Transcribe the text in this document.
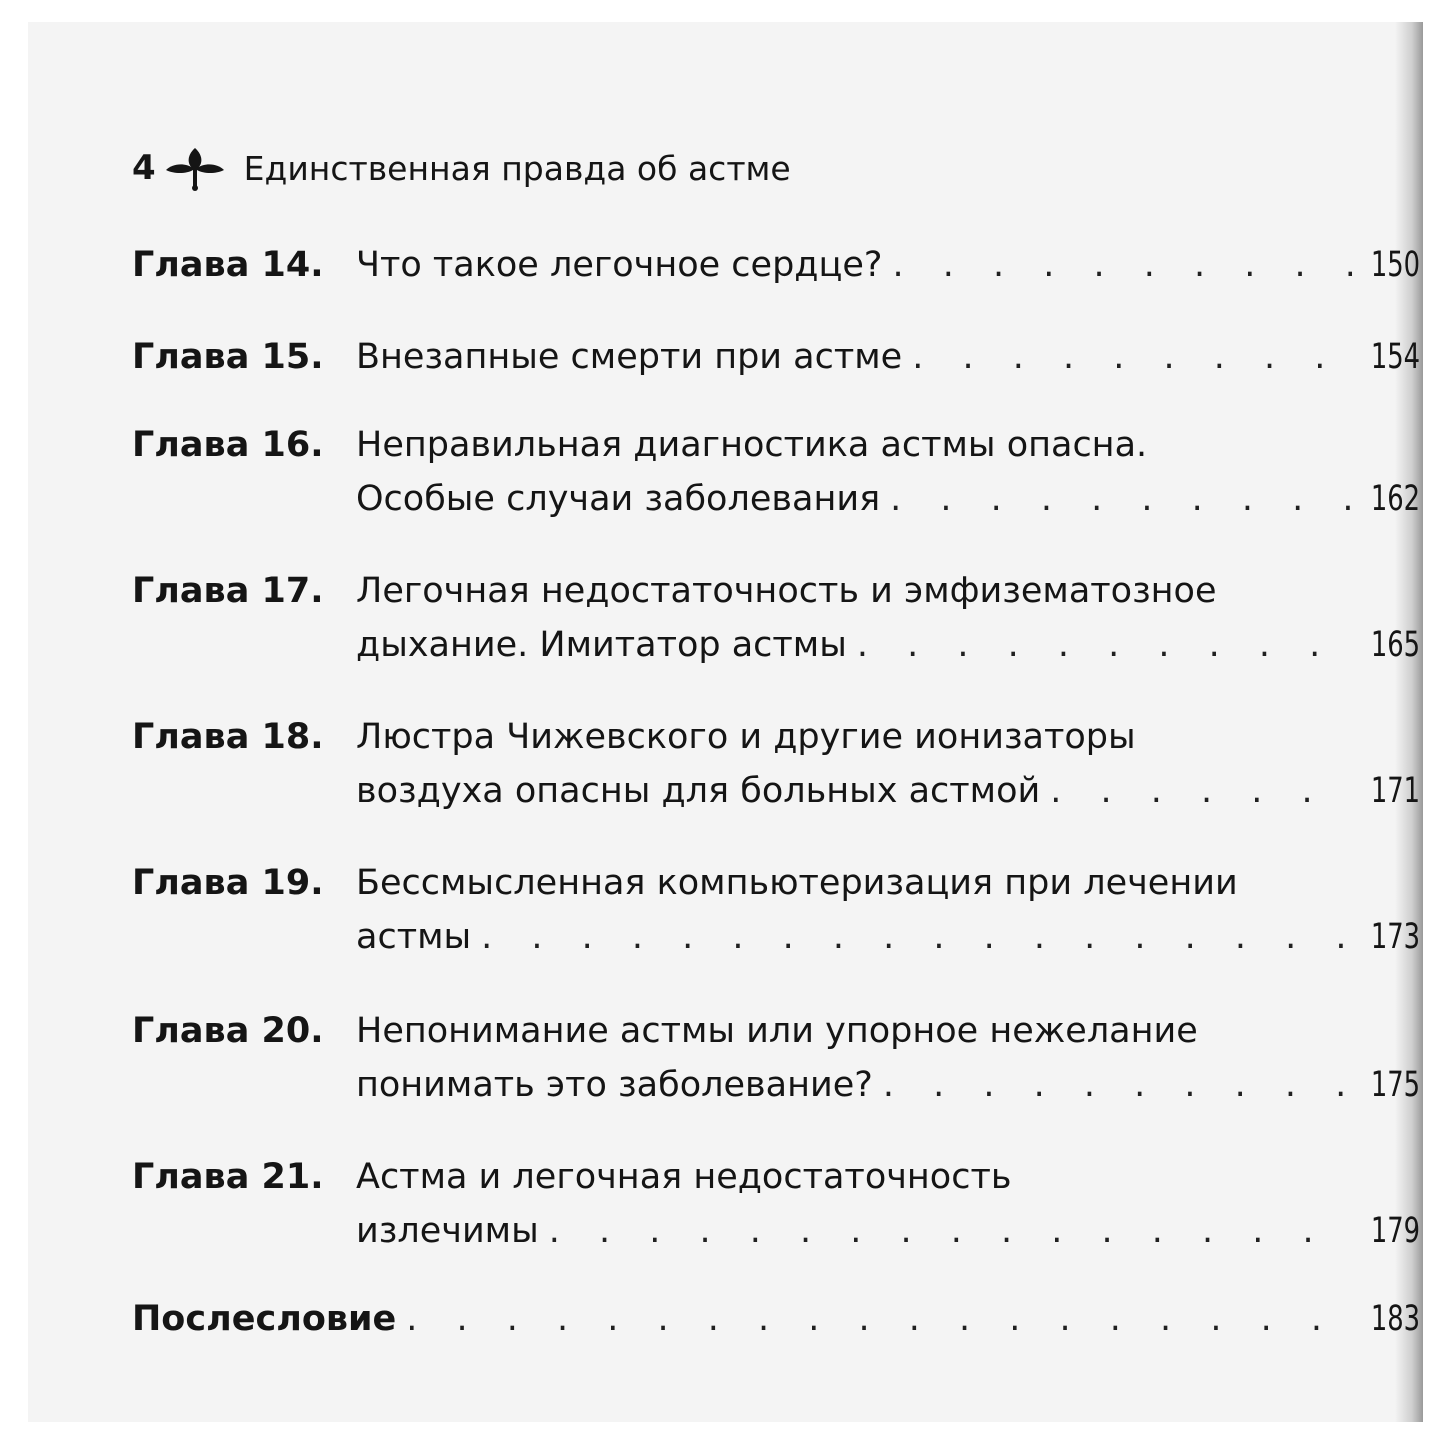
4	Единственная правда об астме
Глава 14. Что такое легочное сердце? . . .	150
Глава 15. Внезапные смерти при астме . . .	154
Глава 16. Неправильная диагностика астмы опасна.
Особые случаи заболевания . . .	162
Глава 17. Легочная недостаточность и эмфизематозное
дыхание. Имитатор астмы . . .	165
Глава 18. Люстра Чижевского и другие ионизаторы
воздуха опасны для больных астмой . . .	171
Глава 19. Бессмысленная компьютеризация при лечении
астмы . . .	173
Глава 20. Непонимание астмы или упорное нежелание
понимать это заболевание? . . .	175
Глава 21. Астма и легочная недостаточность
излечимы . . .	179
Послесловие . . .	183
